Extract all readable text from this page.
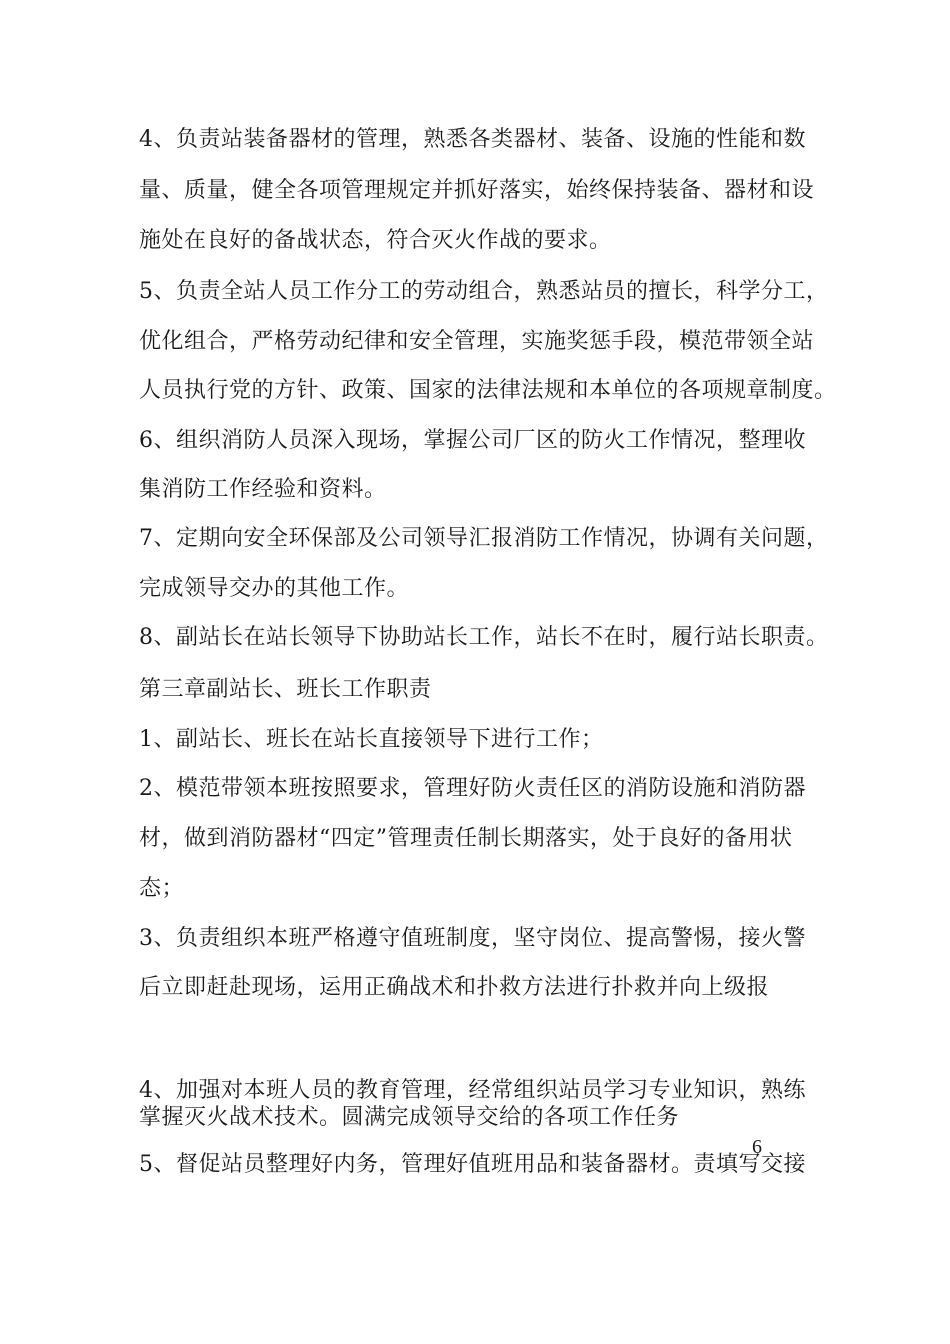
4、负责站装备器材的管理，熟悉各类器材、装备、设施的性能和数
量、质量，健全各项管理规定并抓好落实，始终保持装备、器材和设
施处在良好的备战状态，符合灭火作战的要求。
5、负责全站人员工作分工的劳动组合，熟悉站员的擅长，科学分工，
优化组合，严格劳动纪律和安全管理，实施奖惩手段，模范带领全站
人员执行党的方针、政策、国家的法律法规和本单位的各项规章制度。
6、组织消防人员深入现场，掌握公司厂区的防火工作情况，整理收
集消防工作经验和资料。
7、定期向安全环保部及公司领导汇报消防工作情况，协调有关问题，
完成领导交办的其他工作。
8、副站长在站长领导下协助站长工作，站长不在时，履行站长职责。
第三章副站长、班长工作职责
1、副站长、班长在站长直接领导下进行工作；
2、模范带领本班按照要求，管理好防火责任区的消防设施和消防器
材，做到消防器材“四定”管理责任制长期落实，处于良好的备用状
态；
3、负责组织本班严格遵守值班制度，坚守岗位、提高警惕，接火警
后立即赶赴现场，运用正确战术和扑救方法进行扑救并向上级报
4、加强对本班人员的教育管理，经常组织站员学习专业知识，熟练
掌握灭火战术技术。圆满完成领导交给的各项工作任务
5、督促站员整理好内务，管理好值班用品和装备器材。责填写交接
6
